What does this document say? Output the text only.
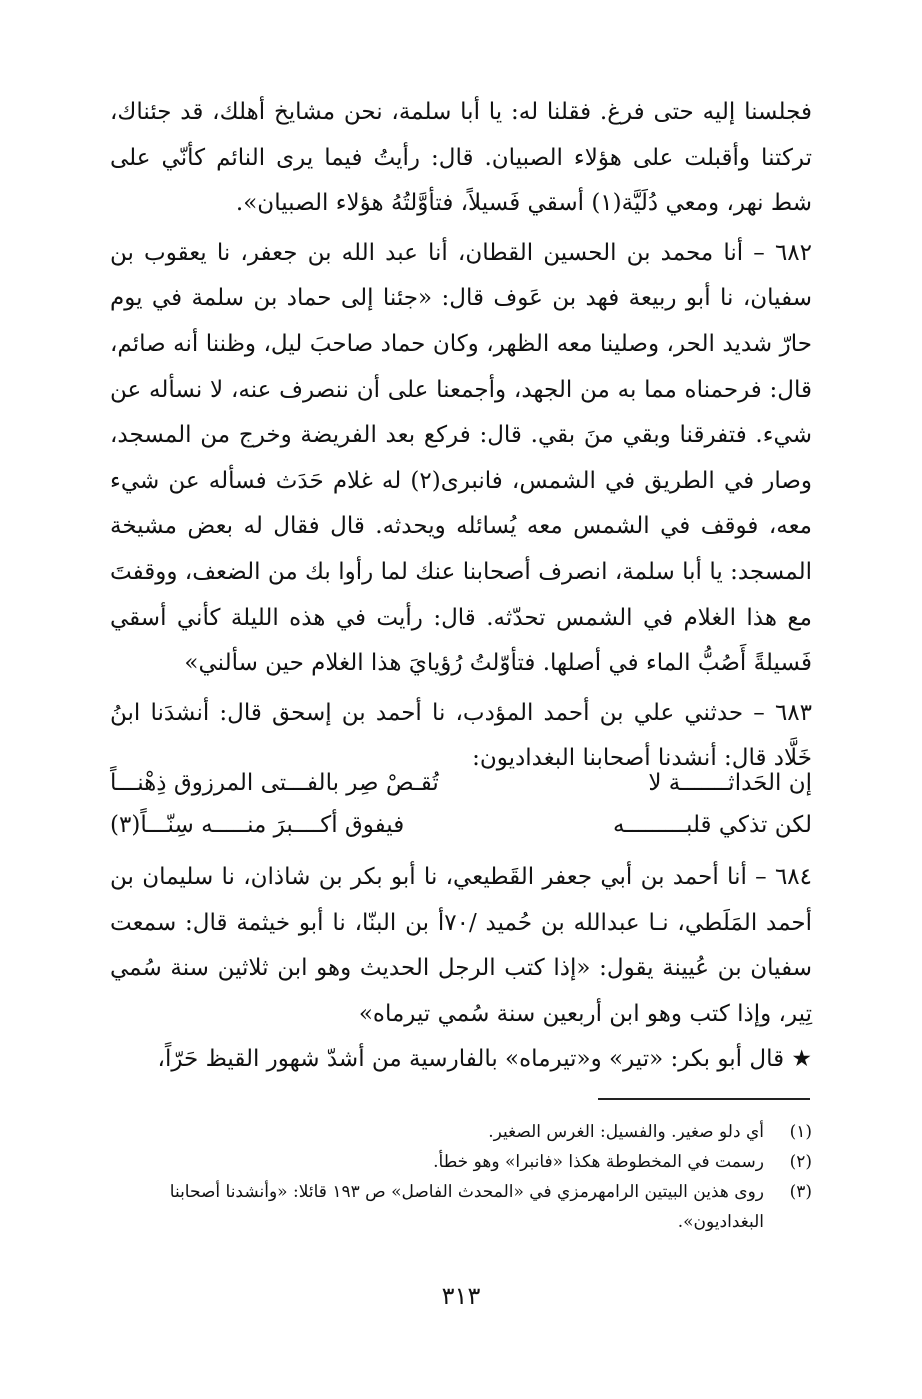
فجلسنا إليه حتى فرغ. فقلنا له: يا أبا سلمة، نحن مشايخ أهلك، قد جئناك، تركتنا وأقبلت على هؤلاء الصبيان. قال: رأيتُ فيما يرى النائم كأنّي على شط نهر، ومعي دُلَيَّة(١) أسقي فَسيلاً، فتأوَّلتُهُ هؤلاء الصبيان».

٦٨٢ – أنا محمد بن الحسين القطان، أنا عبد الله بن جعفر، نا يعقوب بن سفيان، نا أبو ربيعة فهد بن عَوف قال: «جئنا إلى حماد بن سلمة في يوم حارّ شديد الحر، وصلينا معه الظهر، وكان حماد صاحبَ ليل، وظننا أنه صائم، قال: فرحمناه مما به من الجهد، وأجمعنا على أن ننصرف عنه، لا نسأله عن شيء. فتفرقنا وبقي منَ بقي. قال: فركع بعد الفريضة وخرج من المسجد، وصار في الطريق في الشمس، فانبرى(٢) له غلام حَدَث فسأله عن شيء معه، فوقف في الشمس معه يُسائله ويحدثه. قال فقال له بعض مشيخة المسجد: يا أبا سلمة، انصرف أصحابنا عنك لما رأوا بك من الضعف، ووقفتَ مع هذا الغلام في الشمس تحدّثه. قال: رأيت في هذه الليلة كأني أسقي فَسيلةً أَصُبُّ الماء في أصلها. فتأوّلتُ رُؤيايَ هذا الغلام حين سألني»

٦٨٣ – حدثني علي بن أحمد المؤدب، نا أحمد بن إسحق قال: أنشدَنا ابنُ خَلَّاد قال: أنشدنا أصحابنا البغداديون:

إن الحَداثـــــــة لا
تُقـصْ صِر بالفـــتى المرزوق ذِهْنـــاً
لكن تذكي قلبـــــــــه
فيفوق أكــــبرَ منـــــه سِنّـــاً(٣)

٦٨٤ – أنا أحمد بن أبي جعفر القَطيعي، نا أبو بكر بن شاذان، نا سليمان بن أحمد المَلَطي، نـا عبدالله بن حُميد /٧٠أ بن البنّا، نا أبو خيثمة قال: سمعت سفيان بن عُيينة يقول: «إذا كتب الرجل الحديث وهو ابن ثلاثين سنة سُمي تِير، وإذا كتب وهو ابن أربعين سنة سُمي تيرماه»

★ قال أبو بكر: «تير» و«تيرماه» بالفارسية من أشدّ شهور القيظ حَرّاً،

(١)
أي دلو صغير. والفسيل: الغرس الصغير.
(٢)
رسمت في المخطوطة هكذا «فانبرا» وهو خطأ.
(٣)
روى هذين البيتين الرامهرمزي في «المحدث الفاصل» ص ١٩٣ قائلا: «وأنشدنا أصحابنا البغداديون».
٣١٣
